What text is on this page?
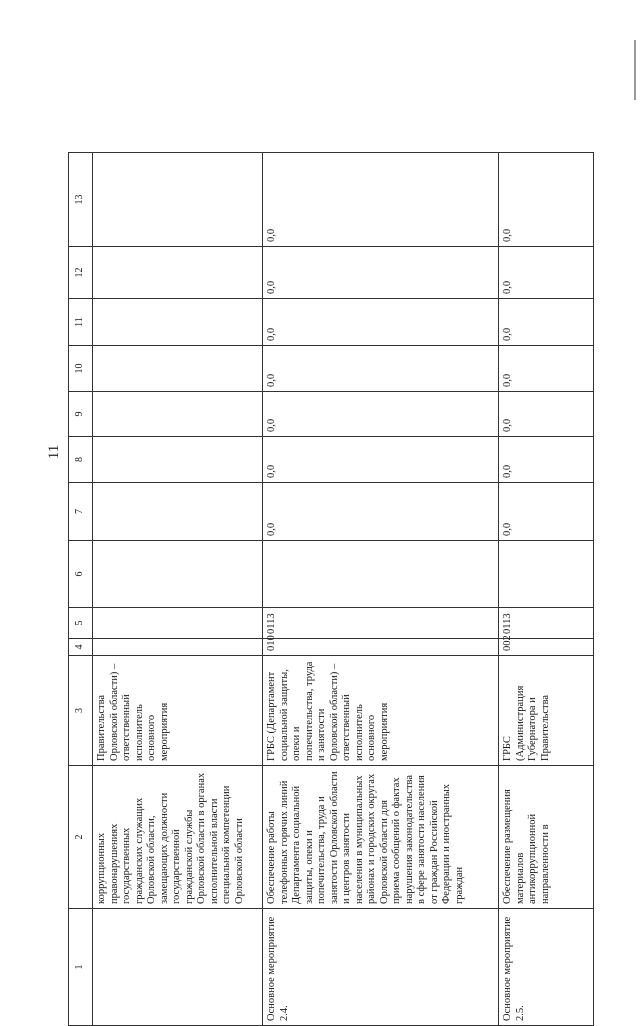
11
1	2	3	4	5	6	7	8	9	10	11	12	13
	коррупционных правонарушениях государственных гражданских служащих Орловской области, замещающих должности государственной гражданской службы Орловской области в органах исполнительной власти специальной компетенции Орловской области	Правительства Орловской области) – ответственный исполнитель основного мероприятия										
Основное мероприятие 2.4.	Обеспечение работы телефонных горячих линий Департамента социальной защиты, опеки и попечительства, труда и занятости Орловской области и центров занятости населения в муниципальных районах и городских округах Орловской области для приема сообщений о фактах нарушения законодательства в сфере занятости населения от граждан Российской Федерации и иностранных граждан	ГРБС (Департамент социальной защиты, опеки и попечительства, труда и занятости Орловской области) – ответственный исполнитель основного мероприятия	010	0113		0,0	0,0	0,0	0,0	0,0	0,0	0,0
Основное мероприятие 2.5.	Обеспечение размещения материалов антикоррупционной направленности в	ГРБС (Администрация Губернатора и Правительства	002	0113		0,0	0,0	0,0	0,0	0,0	0,0	0,0
